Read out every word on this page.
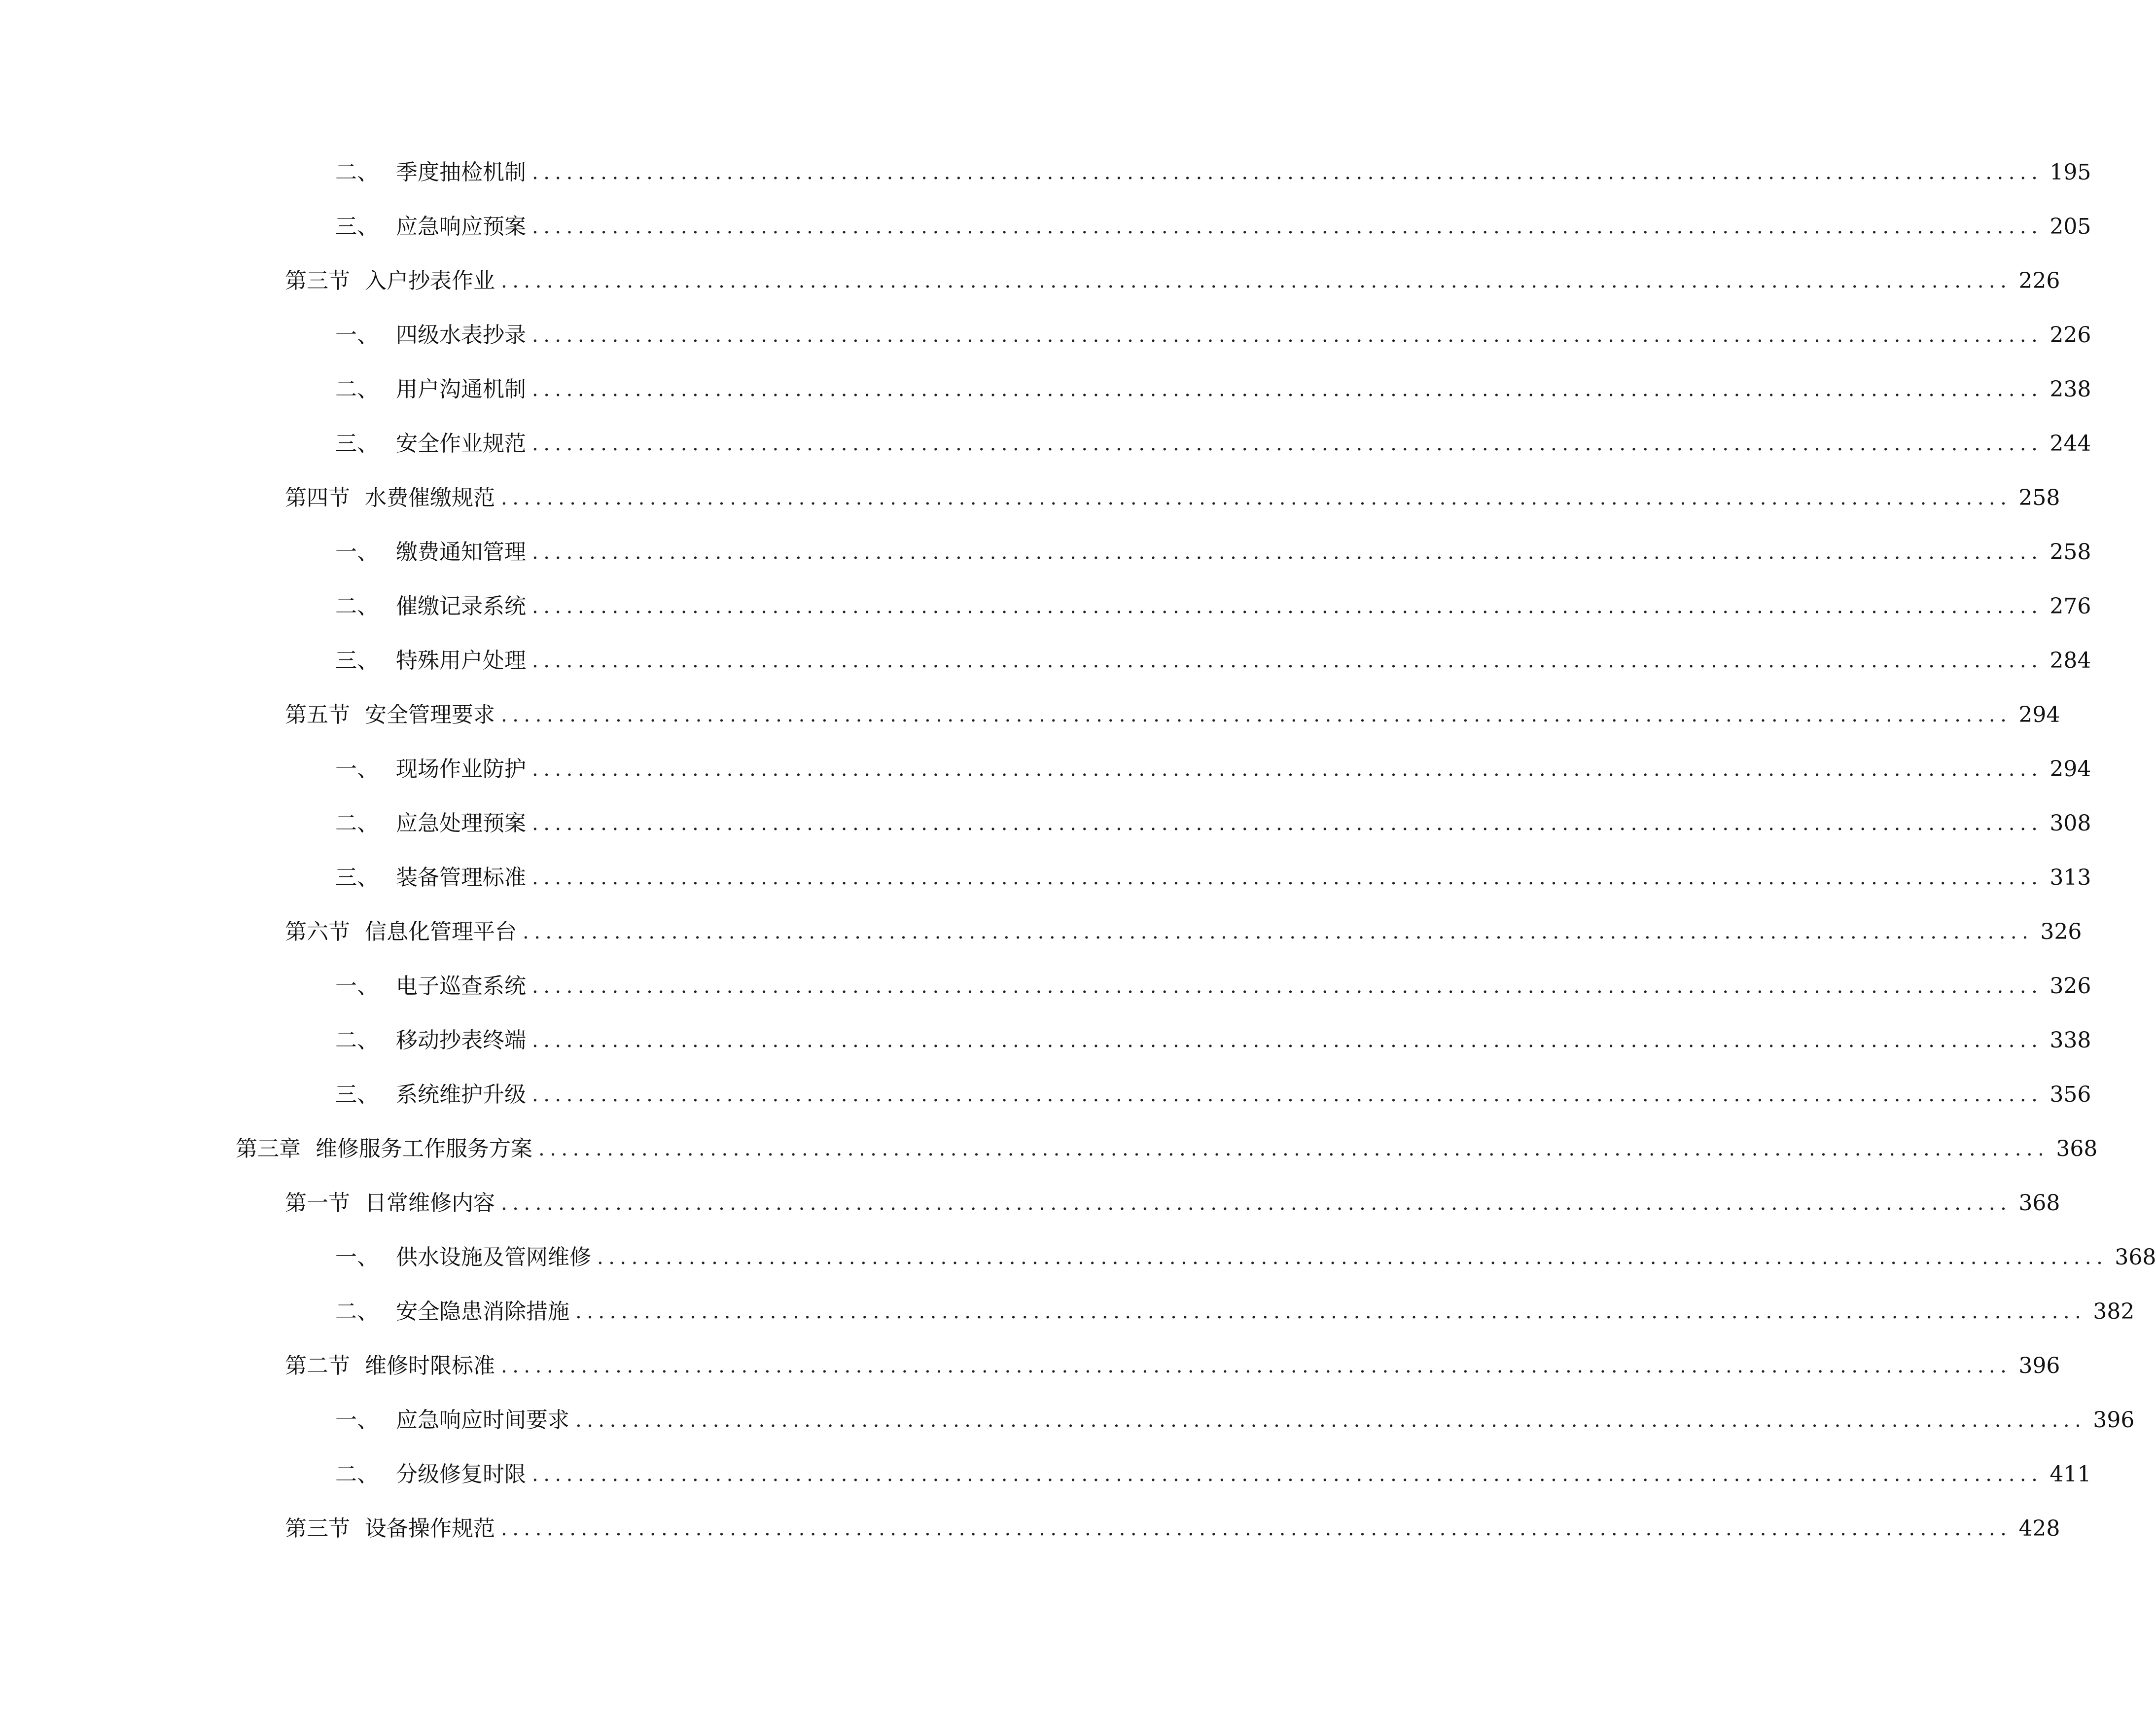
二、 季度抽检机制 .................................................................................................................................... 195
三、 应急响应预案 .................................................................................................................................... 205
第三节 入户抄表作业 .................................................................................................................................... 226
一、 四级水表抄录 .................................................................................................................................... 226
二、 用户沟通机制 .................................................................................................................................... 238
三、 安全作业规范 .................................................................................................................................... 244
第四节 水费催缴规范 .................................................................................................................................... 258
一、 缴费通知管理 .................................................................................................................................... 258
二、 催缴记录系统 .................................................................................................................................... 276
三、 特殊用户处理 .................................................................................................................................... 284
第五节 安全管理要求 .................................................................................................................................... 294
一、 现场作业防护 .................................................................................................................................... 294
二、 应急处理预案 .................................................................................................................................... 308
三、 装备管理标准 .................................................................................................................................... 313
第六节 信息化管理平台 .................................................................................................................................... 326
一、 电子巡查系统 .................................................................................................................................... 326
二、 移动抄表终端 .................................................................................................................................... 338
三、 系统维护升级 .................................................................................................................................... 356
第三章 维修服务工作服务方案 .................................................................................................................................... 368
第一节 日常维修内容 .................................................................................................................................... 368
一、 供水设施及管网维修 .................................................................................................................................... 368
二、 安全隐患消除措施 .................................................................................................................................... 382
第二节 维修时限标准 .................................................................................................................................... 396
一、 应急响应时间要求 .................................................................................................................................... 396
二、 分级修复时限 .................................................................................................................................... 411
第三节 设备操作规范 .................................................................................................................................... 428
